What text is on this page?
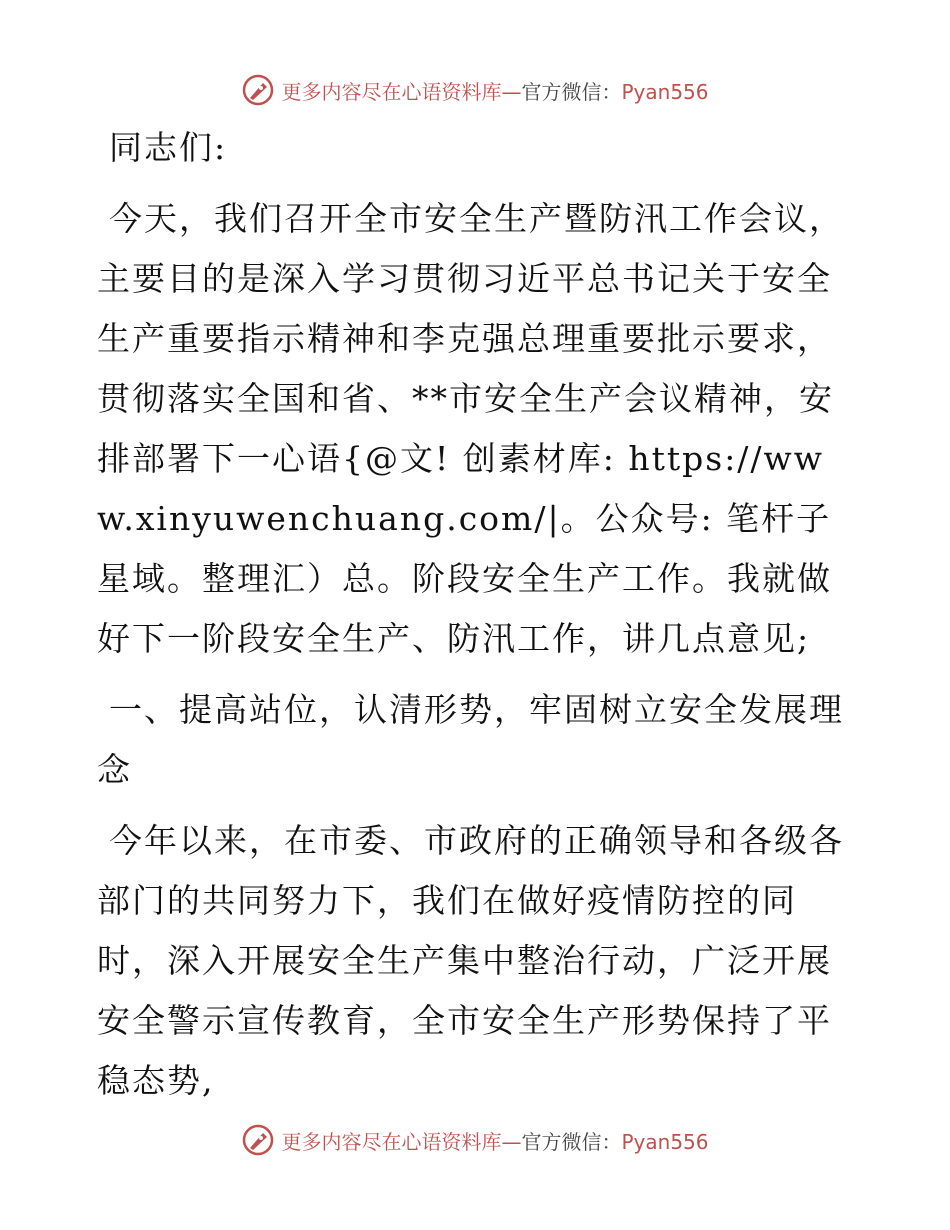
更多内容尽在心语资料库—官方微信：Pyan556

同志们:

今天，我们召开全市安全生产暨防汛工作会议，主要目的是深入学习贯彻习近平总书记关于安全生产重要指示精神和李克强总理重要批示要求，贯彻落实全国和省、**市安全生产会议精神，安排部署下一心语{@文! 创素材库: https://www.xinyuwenchuang.com/|。公众号: 笔杆子星域。整理汇）总。阶段安全生产工作。我就做好下一阶段安全生产、防汛工作，讲几点意见;

一、提高站位，认清形势，牢固树立安全发展理念

今年以来，在市委、市政府的正确领导和各级各部门的共同努力下，我们在做好疫情防控的同时，深入开展安全生产集中整治行动，广泛开展安全警示宣传教育，全市安全生产形势保持了平稳态势,

更多内容尽在心语资料库—官方微信：Pyan556
